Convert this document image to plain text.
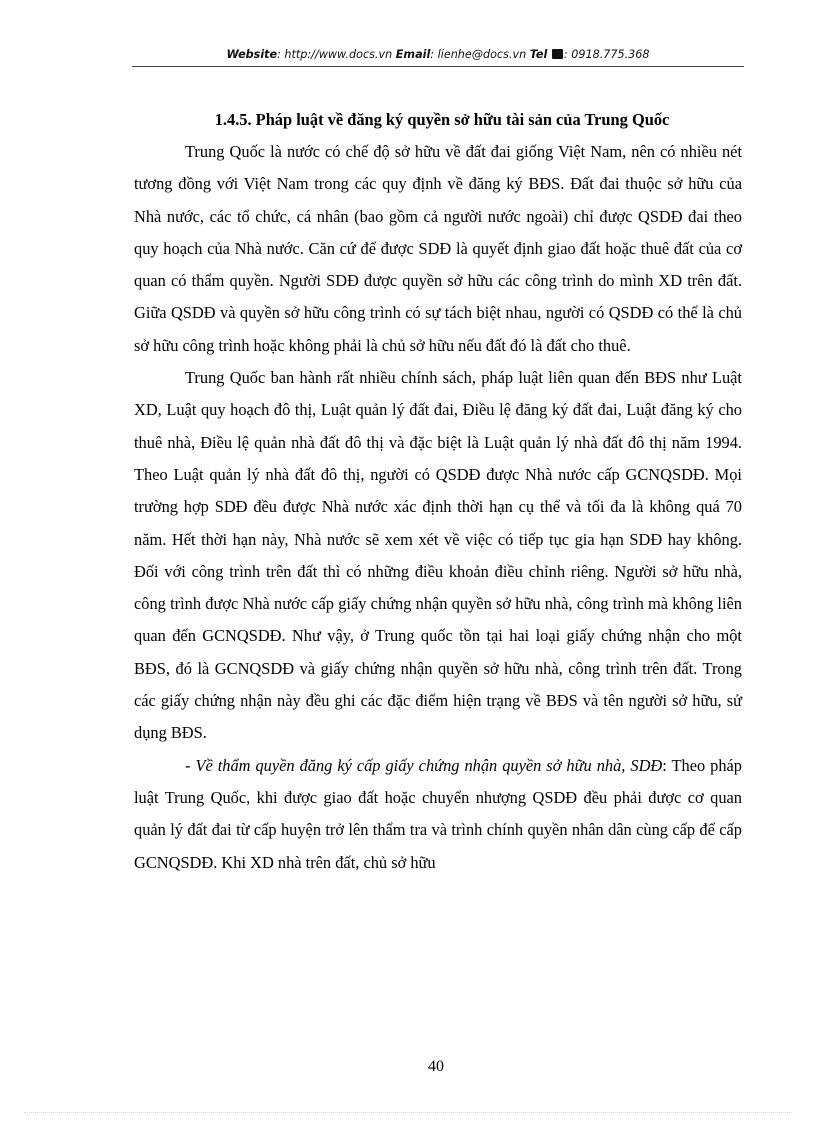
Website: http://www.docs.vn Email: lienhe@docs.vn Tel : 0918.775.368

1.4.5. Pháp luật về đăng ký quyền sở hữu tài sản của Trung Quốc

Trung Quốc là nước có chế độ sở hữu về đất đai giống Việt Nam, nên có nhiều nét tương đồng với Việt Nam trong các quy định về đăng ký BĐS. Đất đai thuộc sở hữu của Nhà nước, các tổ chức, cá nhân (bao gồm cả người nước ngoài) chỉ được QSDĐ đai theo quy hoạch của Nhà nước. Căn cứ để được SDĐ là quyết định giao đất hoặc thuê đất của cơ quan có thẩm quyền. Người SDĐ được quyền sở hữu các công trình do mình XD trên đất. Giữa QSDĐ và quyền sở hữu công trình có sự tách biệt nhau, người có QSDĐ có thể là chủ sở hữu công trình hoặc không phải là chủ sở hữu nếu đất đó là đất cho thuê.

Trung Quốc ban hành rất nhiều chính sách, pháp luật liên quan đến BĐS như Luật XD, Luật quy hoạch đô thị, Luật quản lý đất đai, Điều lệ đăng ký đất đai, Luật đăng ký cho thuê nhà, Điều lệ quản nhà đất đô thị và đặc biệt là Luật quản lý nhà đất đô thị năm 1994. Theo Luật quản lý nhà đất đô thị, người có QSDĐ được Nhà nước cấp GCNQSDĐ. Mọi trường hợp SDĐ đều được Nhà nước xác định thời hạn cụ thể và tối đa là không quá 70 năm. Hết thời hạn này, Nhà nước sẽ xem xét về việc có tiếp tục gia hạn SDĐ hay không. Đối với công trình trên đất thì có những điều khoản điều chỉnh riêng. Người sở hữu nhà, công trình được Nhà nước cấp giấy chứng nhận quyền sở hữu nhà, công trình mà không liên quan đến GCNQSDĐ. Như vậy, ở Trung quốc tồn tại hai loại giấy chứng nhận cho một BĐS, đó là GCNQSDĐ và giấy chứng nhận quyền sở hữu nhà, công trình trên đất. Trong các giấy chứng nhận này đều ghi các đặc điểm hiện trạng về BĐS và tên người sở hữu, sử dụng BĐS.

- Về thẩm quyền đăng ký cấp giấy chứng nhận quyền sở hữu nhà, SDĐ: Theo pháp luật Trung Quốc, khi được giao đất hoặc chuyển nhượng QSDĐ đều phải được cơ quan quản lý đất đai từ cấp huyện trở lên thẩm tra và trình chính quyền nhân dân cùng cấp để cấp GCNQSDĐ. Khi XD nhà trên đất, chủ sở hữu

40
